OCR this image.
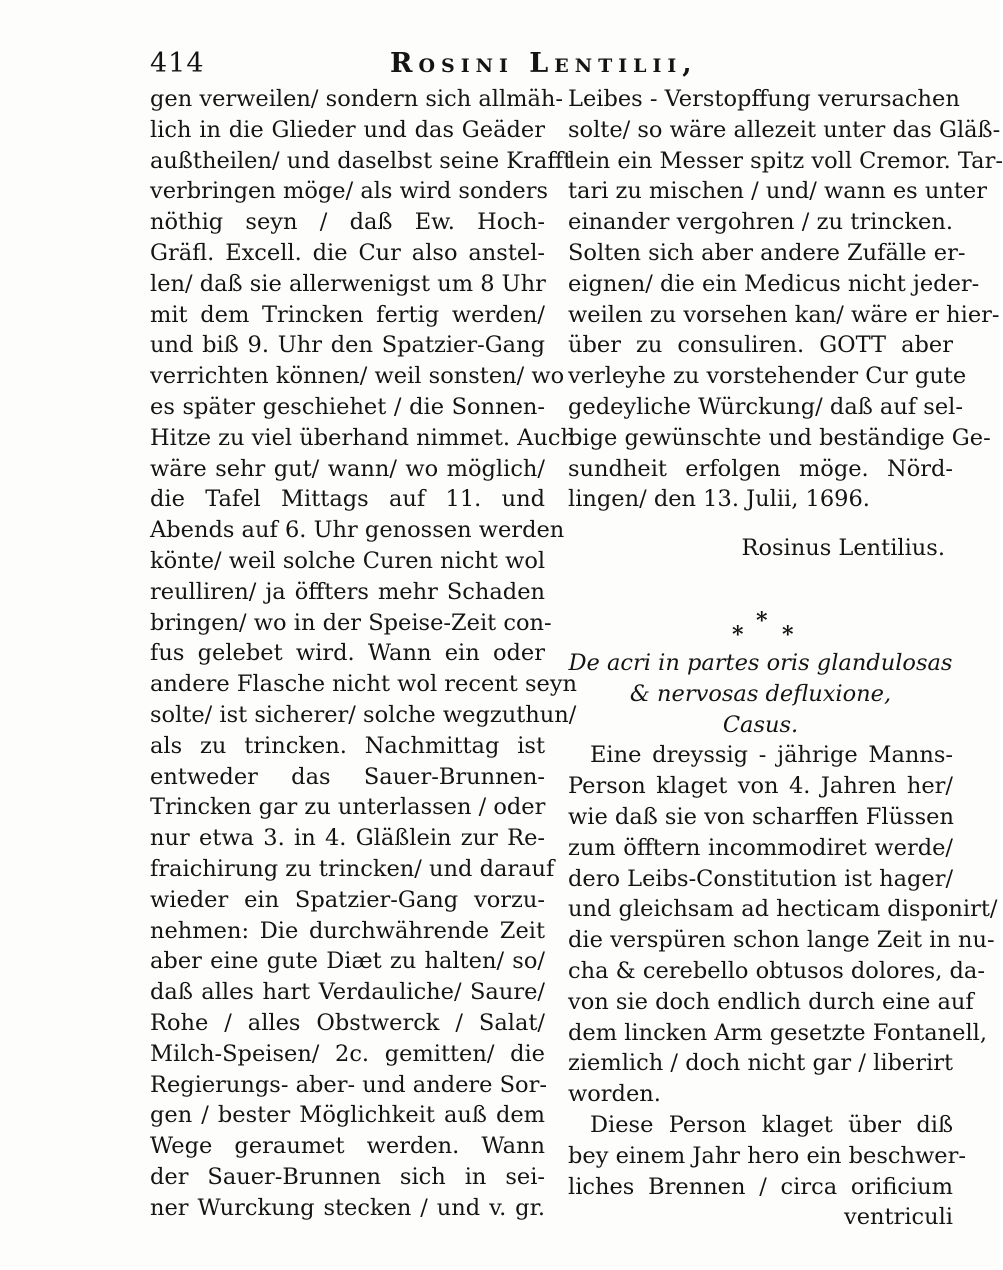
414	Rosini Lentilii,
gen verweilen/ sondern sich allmäh-
lich in die Glieder und das Geäder
außtheilen/ und daselbst seine Krafft
verbringen möge/ als wird sonders
nöthig seyn / daß Ew. Hoch-
Gräfl. Excell. die Cur also anstel-
len/ daß sie allerwenigst um 8 Uhr
mit dem Trincken fertig werden/
und biß 9. Uhr den Spatzier-Gang
verrichten können/ weil sonsten/ wo
es später geschiehet / die Sonnen-
Hitze zu viel überhand nimmet. Auch
wäre sehr gut/ wann/ wo möglich/
die Tafel Mittags auf 11. und
Abends auf 6. Uhr genossen werden
könte/ weil solche Curen nicht wol
reulliren/ ja öffters mehr Schaden
bringen/ wo in der Speise-Zeit con-
fus gelebet wird. Wann ein oder
andere Flasche nicht wol recent seyn
solte/ ist sicherer/ solche wegzuthun/
als zu trincken. Nachmittag ist
entweder das Sauer-Brunnen-
Trincken gar zu unterlassen / oder
nur etwa 3. in 4. Gläßlein zur Re-
fraichirung zu trincken/ und darauf
wieder ein Spatzier-Gang vorzu-
nehmen: Die durchwährende Zeit
aber eine gute Diæt zu halten/ so/
daß alles hart Verdauliche/ Saure/
Rohe / alles Obstwerck / Salat/
Milch-Speisen/ 2c. gemitten/ die
Regierungs- aber- und andere Sor-
gen / bester Möglichkeit auß dem
Wege geraumet werden. Wann
der Sauer-Brunnen sich in sei-
ner Wurckung stecken / und v. gr.
Leibes - Verstopffung verursachen
solte/ so wäre allezeit unter das Gläß-
lein ein Messer spitz voll Cremor. Tar-
tari zu mischen / und/ wann es unter
einander vergohren / zu trincken.
Solten sich aber andere Zufälle er-
eignen/ die ein Medicus nicht jeder-
weilen zu vorsehen kan/ wäre er hier-
über zu consuliren. GOTT aber
verleyhe zu vorstehender Cur gute
gedeyliche Würckung/ daß auf sel-
bige gewünschte und beständige Ge-
sundheit erfolgen möge. Nörd-
lingen/ den 13. Julii, 1696.
Rosinus Lentilius.
*
* *
De acri in partes oris glandulosas
& nervosas defluxione,
Casus.
Eine dreyssig - jährige Manns-
Person klaget von 4. Jahren her/
wie daß sie von scharffen Flüssen
zum öfftern incommodiret werde/
dero Leibs-Constitution ist hager/
und gleichsam ad hecticam disponirt/
die verspüren schon lange Zeit in nu-
cha & cerebello obtusos dolores, da-
von sie doch endlich durch eine auf
dem lincken Arm gesetzte Fontanell,
ziemlich / doch nicht gar / liberirt
worden.
Diese Person klaget über diß
bey einem Jahr hero ein beschwer-
liches Brennen / circa orificium
ventriculi
